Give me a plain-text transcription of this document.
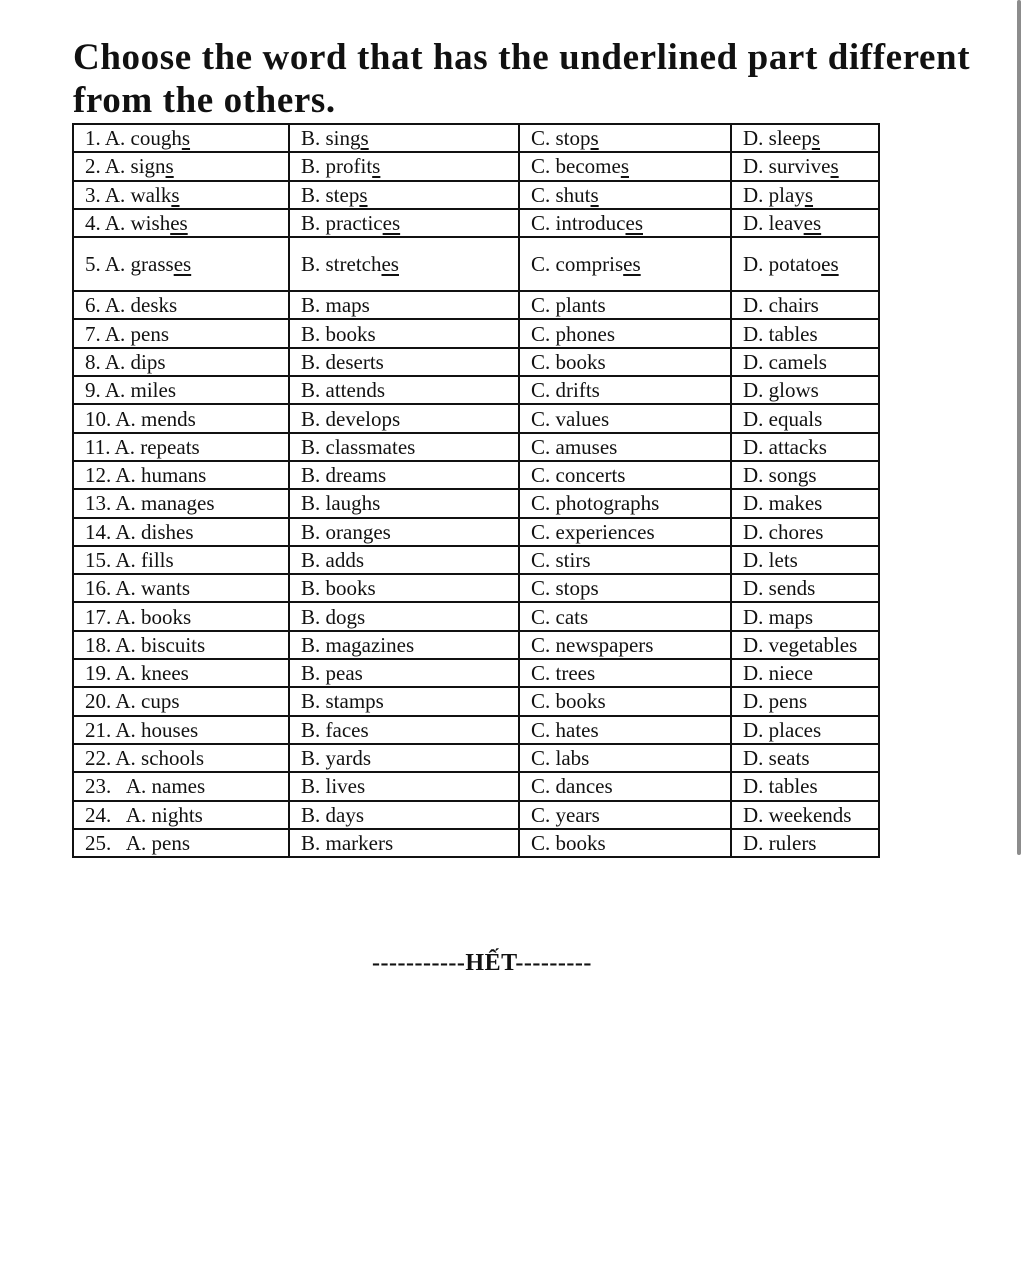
Choose the word that has the underlined part different from the others.
1. A. coughs	B. sings	C. stops	D. sleeps
2. A. signs	B. profits	C. becomes	D. survives
3. A. walks	B. steps	C. shuts	D. plays
4. A. wishes	B. practices	C. introduces	D. leaves
5. A. grasses	B. stretches	C. comprises	D. potatoes
6. A. desks	B. maps	C. plants	D. chairs
7. A. pens	B. books	C. phones	D. tables
8. A. dips	B. deserts	C. books	D. camels
9. A. miles	B. attends	C. drifts	D. glows
10. A. mends	B. develops	C. values	D. equals
11. A. repeats	B. classmates	C. amuses	D. attacks
12. A. humans	B. dreams	C. concerts	D. songs
13. A. manages	B. laughs	C. photographs	D. makes
14. A. dishes	B. oranges	C. experiences	D. chores
15. A. fills	B. adds	C. stirs	D. lets
16. A. wants	B. books	C. stops	D. sends
17. A. books	B. dogs	C. cats	D. maps
18. A. biscuits	B. magazines	C. newspapers	D. vegetables
19. A. knees	B. peas	C. trees	D. niece
20. A. cups	B. stamps	C. books	D. pens
21. A. houses	B. faces	C. hates	D. places
22. A. schools	B. yards	C. labs	D. seats
23.   A. names	B. lives	C. dances	D. tables
24.   A. nights	B. days	C. years	D. weekends
25.   A. pens	B. markers	C. books	D. rulers
-----------HẾT---------
